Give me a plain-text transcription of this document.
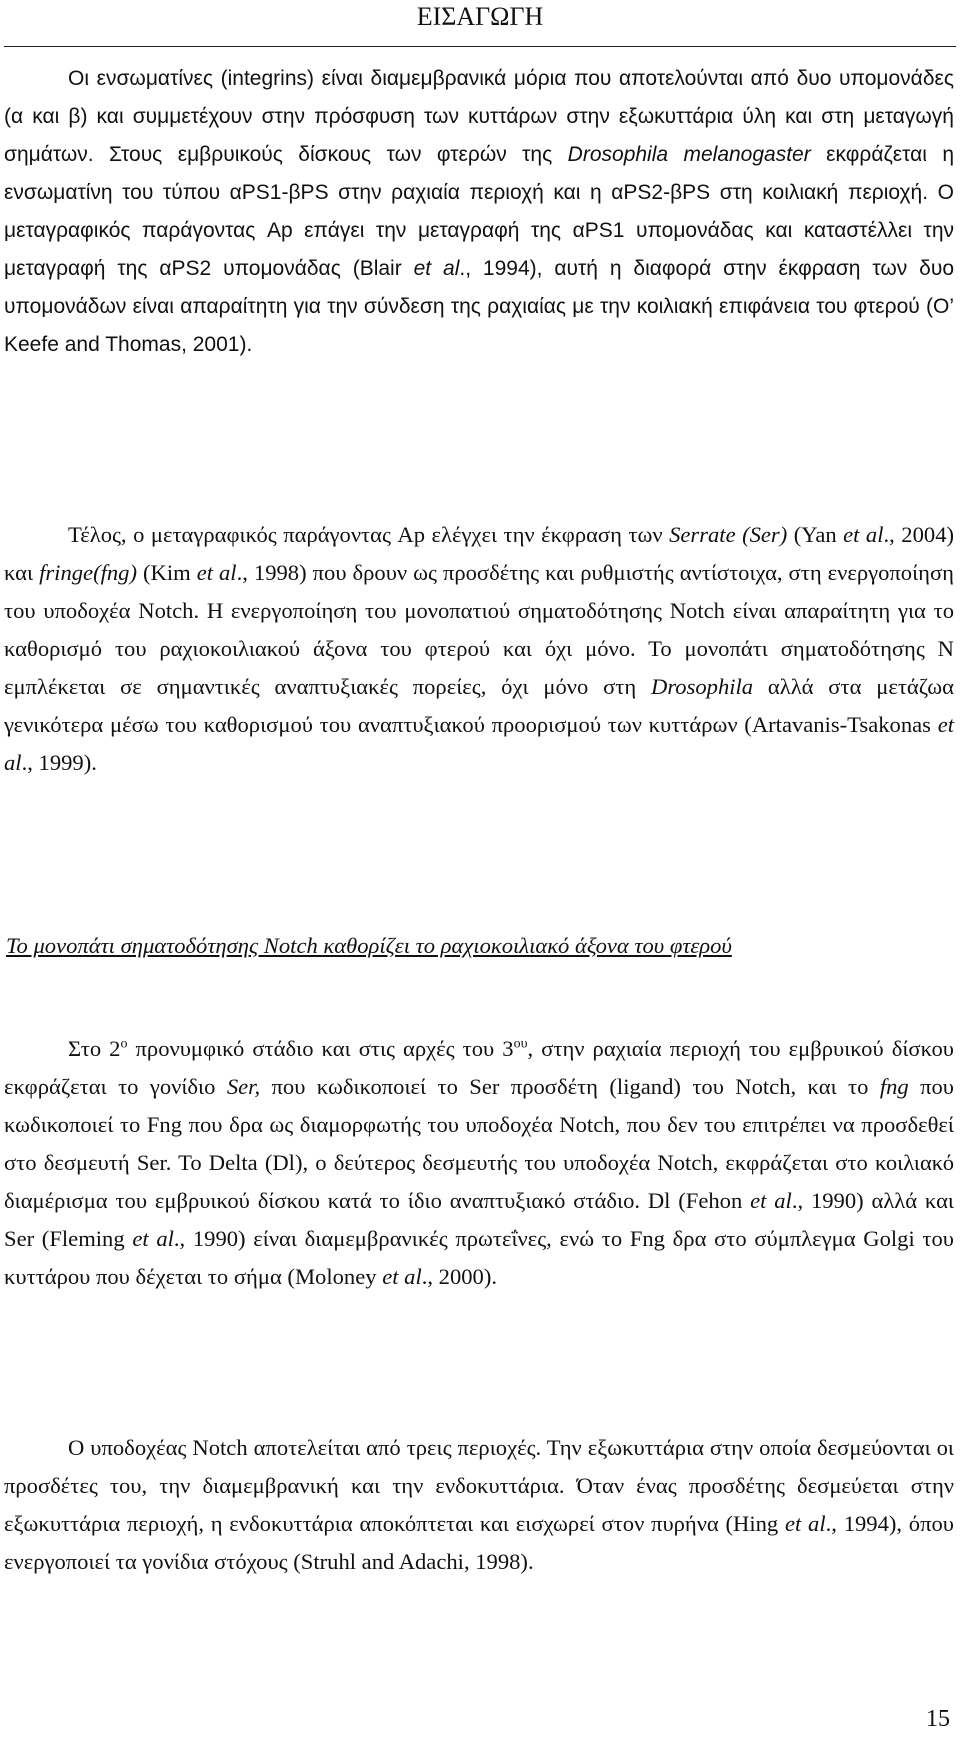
ΕΙΣΑΓΩΓΗ

Οι ενσωματίνες (integrins) είναι διαμεμβρανικά μόρια που αποτελούνται από δυο υπομονάδες (α και β) και συμμετέχουν στην πρόσφυση των κυττάρων στην εξωκυττάρια ύλη και στη μεταγωγή σημάτων. Στους εμβρυικούς δίσκους των φτερών της Drosophila melanogaster εκφράζεται η ενσωματίνη του τύπου αPS1-βPS στην ραχιαία περιοχή και η αPS2-βPS στη κοιλιακή περιοχή. Ο μεταγραφικός παράγοντας Ap επάγει την μεταγραφή της αPS1 υπομονάδας και καταστέλλει την μεταγραφή της αPS2 υπομονάδας (Blair et al., 1994), αυτή η διαφορά στην έκφραση των δυο υπομονάδων είναι απαραίτητη για την σύνδεση της ραχιαίας με την κοιλιακή επιφάνεια του φτερού (O’ Keefe and Thomas, 2001).

Τέλος, ο μεταγραφικός παράγοντας Ap ελέγχει την έκφραση των Serrate (Ser) (Yan et al., 2004) και fringe(fng) (Kim et al., 1998) που δρουν ως προσδέτης και ρυθμιστής αντίστοιχα, στη ενεργοποίηση του υποδοχέα Notch. Η ενεργοποίηση του μονοπατιού σηματοδότησης Notch είναι απαραίτητη για το καθορισμό του ραχιοκοιλιακού άξονα του φτερού και όχι μόνο. Το μονοπάτι σηματοδότησης N εμπλέκεται σε σημαντικές αναπτυξιακές πορείες, όχι μόνο στη Drosophila αλλά στα μετάζωα γενικότερα μέσω του καθορισμού του αναπτυξιακού προορισμού των κυττάρων (Artavanis-Tsakonas et al., 1999).

Το μονοπάτι σηματοδότησης Notch καθορίζει το ραχιοκοιλιακό άξονα του φτερού

Στο $2^o$ προνυμφικό στάδιο και στις αρχές του $3^{o\upsilon}$, στην ραχιαία περιοχή του εμβρυικού δίσκου εκφράζεται το γονίδιο Ser, που κωδικοποιεί το Ser προσδέτη (ligand) του Notch, και το fng που κωδικοποιεί το Fng που δρα ως διαμορφωτής του υποδοχέα Notch, που δεν του επιτρέπει να προσδεθεί στο δεσμευτή Ser. To Delta (Dl), ο δεύτερος δεσμευτής του υποδοχέα Notch, εκφράζεται στο κοιλιακό διαμέρισμα του εμβρυικού δίσκου κατά το ίδιο αναπτυξιακό στάδιο. Dl (Fehon et al., 1990) αλλά και Ser (Fleming et al., 1990) είναι διαμεμβρανικές πρωτεΐνες, ενώ το Fng δρα στο σύμπλεγμα Golgi του κυττάρου που δέχεται το σήμα (Moloney et al., 2000).

Ο υποδοχέας Notch αποτελείται από τρεις περιοχές. Την εξωκυττάρια στην οποία δεσμεύονται οι προσδέτες του, την διαμεμβρανική και την ενδοκυττάρια. Όταν ένας προσδέτης δεσμεύεται στην εξωκυττάρια περιοχή, η ενδοκυττάρια αποκόπτεται και εισχωρεί στον πυρήνα (Hing et al., 1994), όπου ενεργοποιεί τα γονίδια στόχους (Struhl and Adachi, 1998).

15
